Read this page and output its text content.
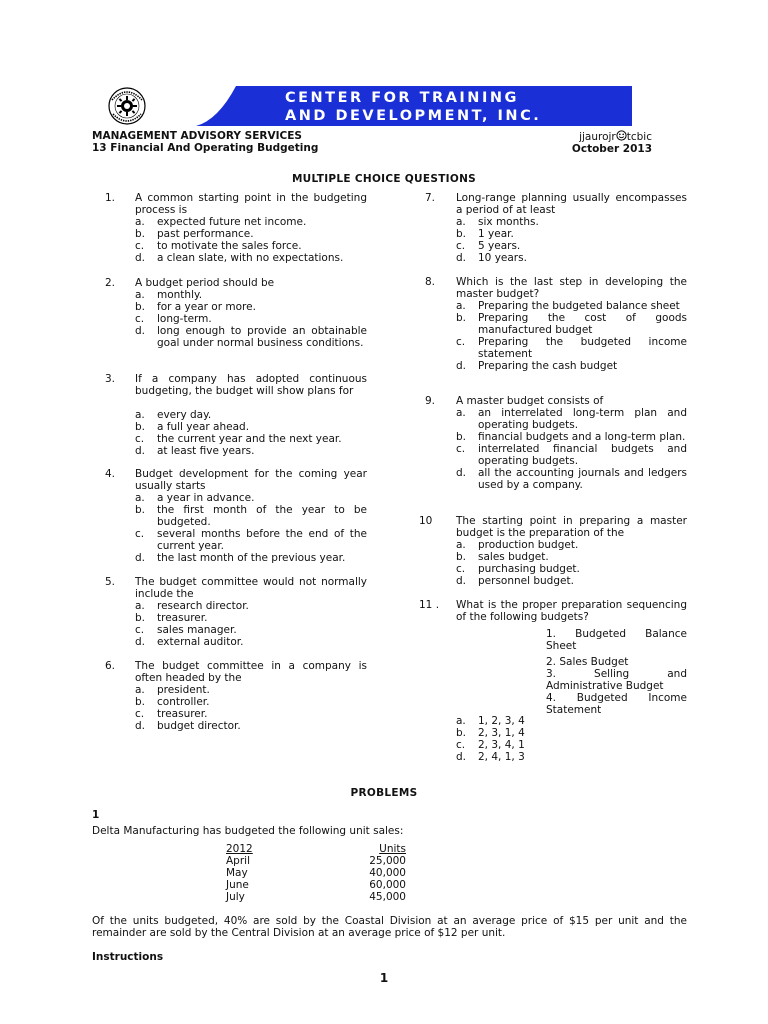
CENTER FOR TRAINING
AND DEVELOPMENT, INC.
MANAGEMENT ADVISORY SERVICES
13 Financial And Operating Budgeting
jjaurojr tcbic
October 2013
MULTIPLE CHOICE QUESTIONS
1. A common starting point in the budgeting process is
a. expected future net income.
b. past performance.
c. to motivate the sales force.
d. a clean slate, with no expectations.
2. A budget period should be
a. monthly.
b. for a year or more.
c. long-term.
d. long enough to provide an obtainable goal under normal business conditions.
3. If a company has adopted continuous budgeting, the budget will show plans for
a. every day.
b. a full year ahead.
c. the current year and the next year.
d. at least five years.
4. Budget development for the coming year usually starts
a. a year in advance.
b. the first month of the year to be budgeted.
c. several months before the end of the current year.
d. the last month of the previous year.
5. The budget committee would not normally include the
a. research director.
b. treasurer.
c. sales manager.
d. external auditor.
6. The budget committee in a company is often headed by the
a. president.
b. controller.
c. treasurer.
d. budget director.
7. Long-range planning usually encompasses a period of at least
a. six months.
b. 1 year.
c. 5 years.
d. 10 years.
8. Which is the last step in developing the master budget?
a. Preparing the budgeted balance sheet
b. Preparing the cost of goods manufactured budget
c. Preparing the budgeted income statement
d. Preparing the cash budget
9. A master budget consists of
a. an interrelated long-term plan and operating budgets.
b. financial budgets and a long-term plan.
c. interrelated financial budgets and operating budgets.
d. all the accounting journals and ledgers used by a company.
10 The starting point in preparing a master budget is the preparation of the
a. production budget.
b. sales budget.
c. purchasing budget.
d. personnel budget.
11 . What is the proper preparation sequencing of the following budgets?
a. 1, 2, 3, 4
b. 2, 3, 1, 4
c. 2, 3, 4, 1
d. 2, 4, 1, 3
1. Budgeted Balance Sheet
2. Sales Budget
3. Selling and Administrative Budget
4. Budgeted Income Statement
PROBLEMS
1
Delta Manufacturing has budgeted the following unit sales:
2012	Units
April	25,000
May	40,000
June	60,000
July	45,000
Of the units budgeted, 40% are sold by the Coastal Division at an average price of $15 per unit and the remainder are sold by the Central Division at an average price of $12 per unit.
Instructions
1
